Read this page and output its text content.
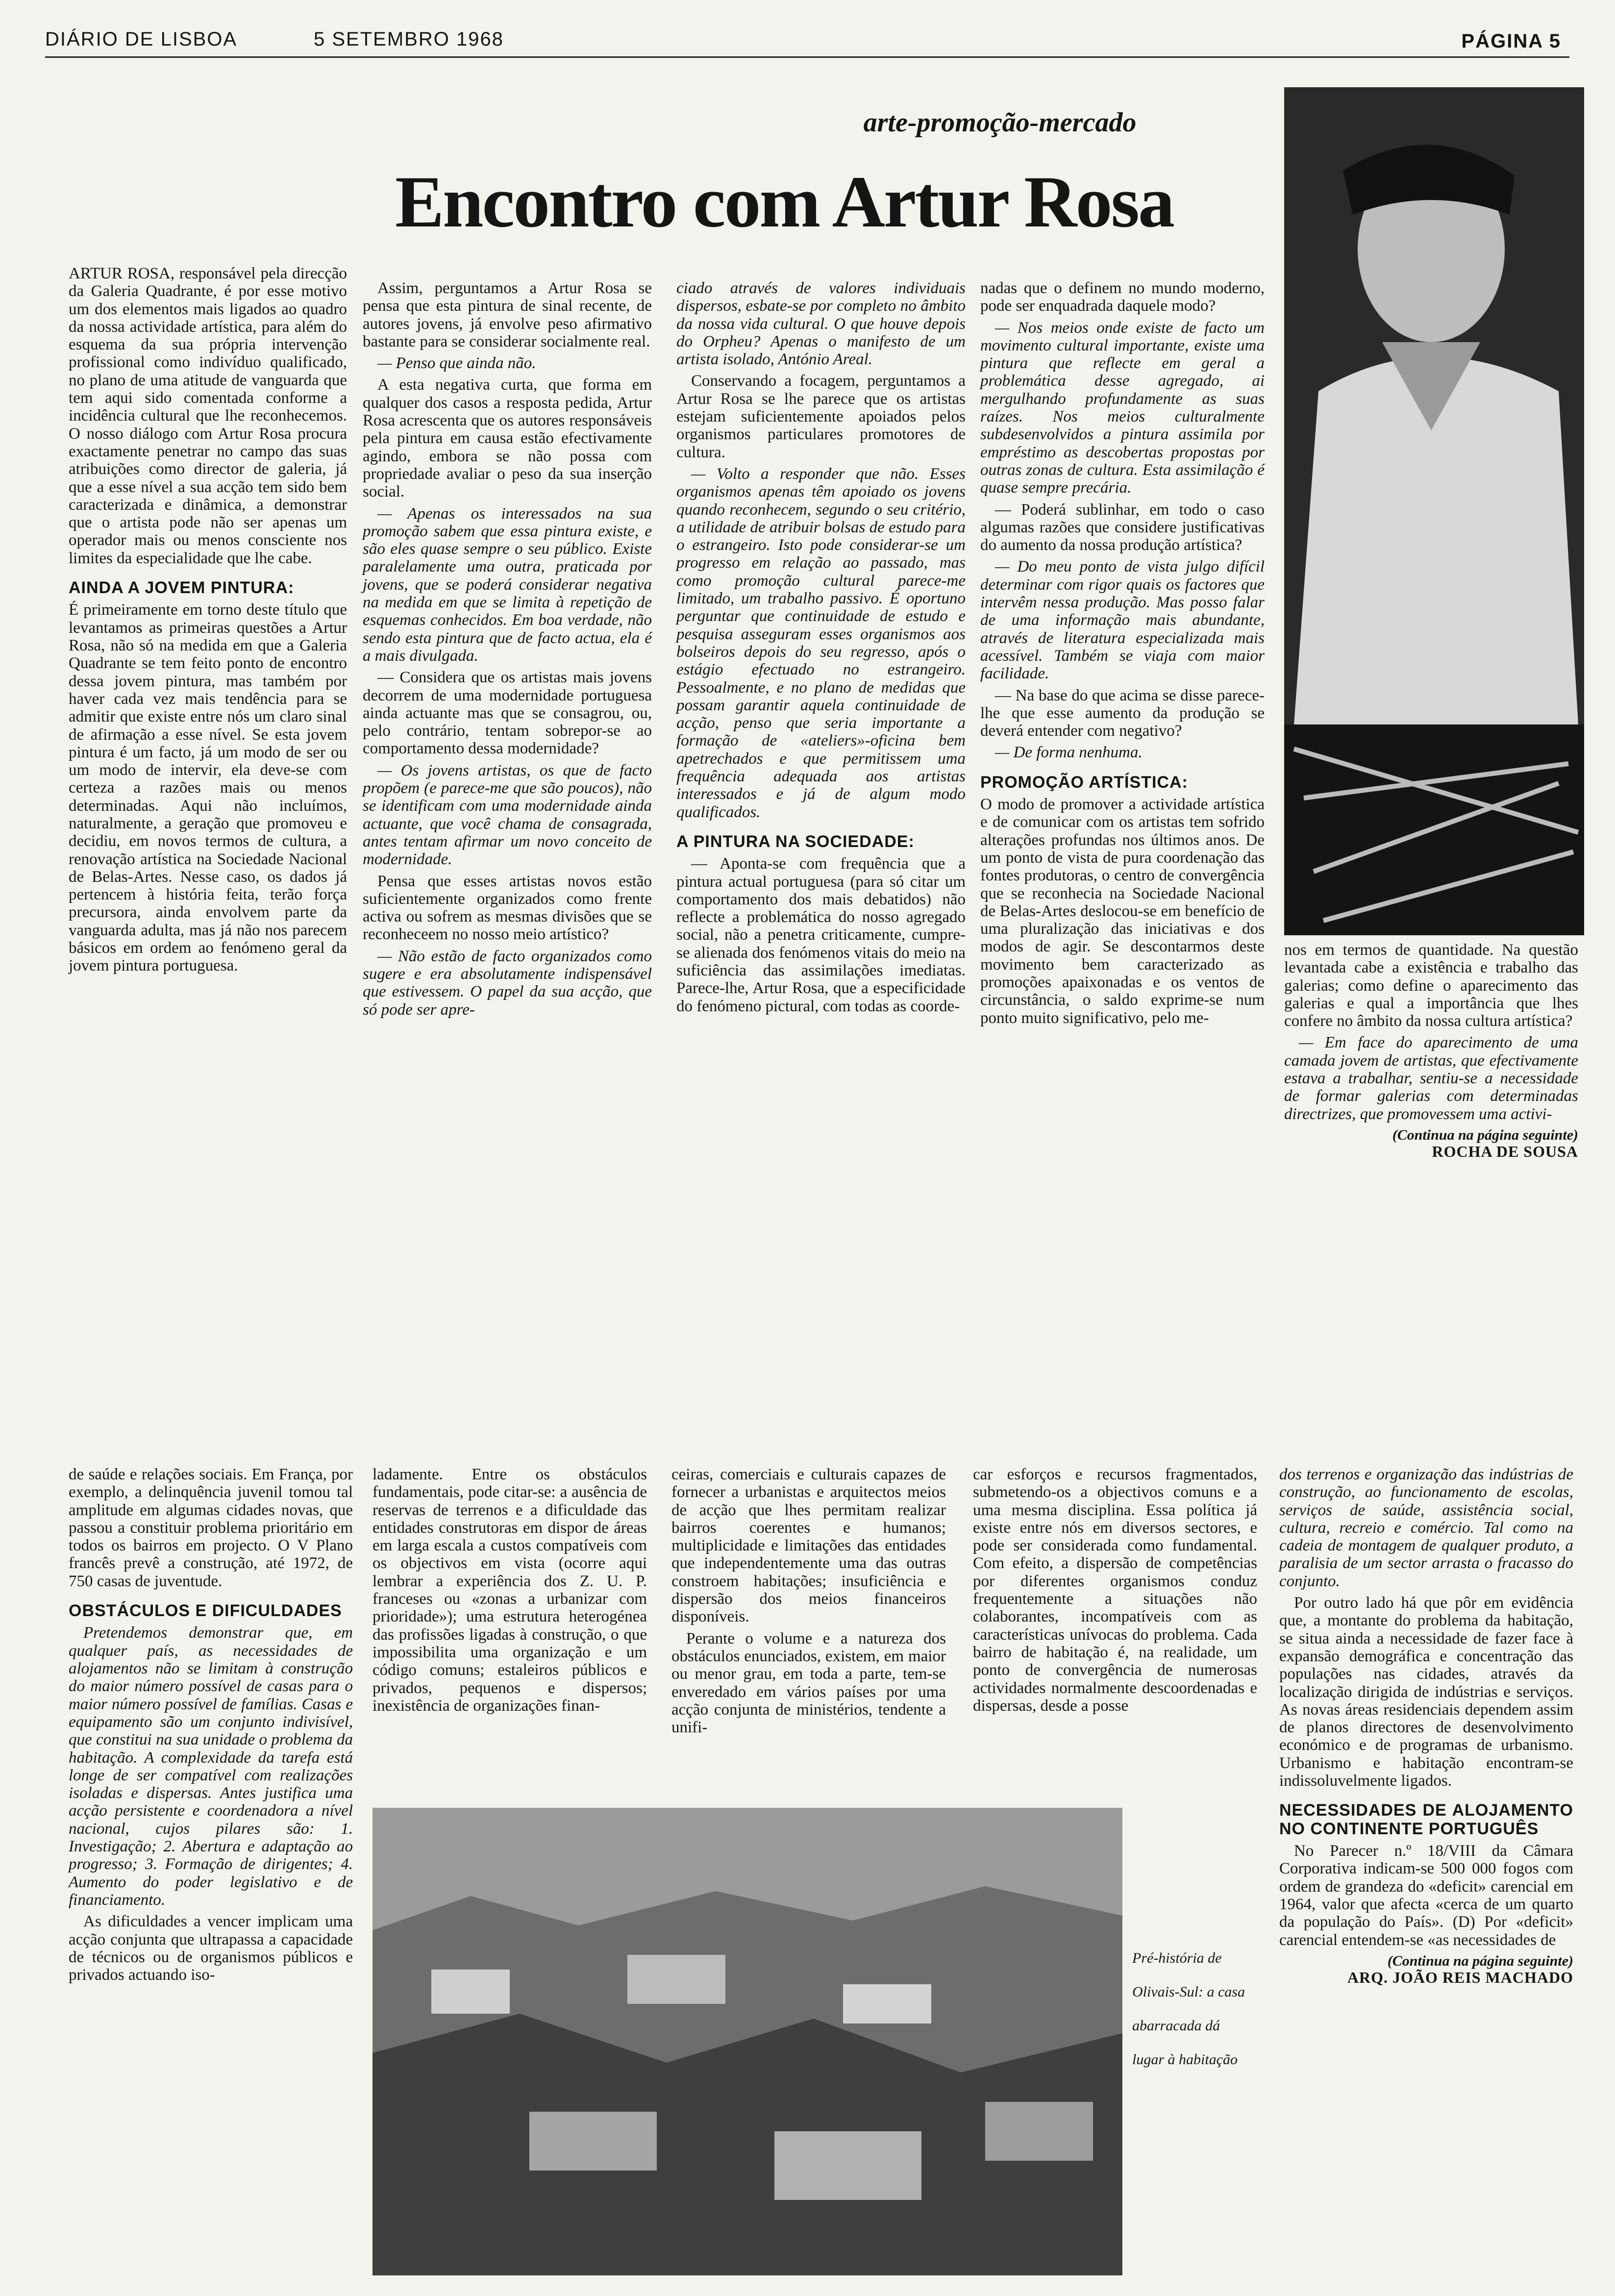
DIÁRIO DE LISBOA	5 SETEMBRO 1968	PÁGINA 5
arte-promoção-mercado
Encontro com Artur Rosa

ARTUR ROSA, responsável pela direcção da Galeria Quadrante, é por esse motivo um dos elementos mais ligados ao quadro da nossa actividade artística, para além do esquema da sua própria intervenção profissional como indivíduo qualificado, no plano de uma atitude de vanguarda que tem aqui sido comentada conforme a incidência cultural que lhe reconhecemos. O nosso diálogo com Artur Rosa procura exactamente penetrar no campo das suas atribuições como director de galeria, já que a esse nível a sua acção tem sido bem caracterizada e dinâmica, a demonstrar que o artista pode não ser apenas um operador mais ou menos consciente nos limites da especialidade que lhe cabe.

AINDA A JOVEM PINTURA:

É primeiramente em torno deste título que levantamos as primeiras questões a Artur Rosa, não só na medida em que a Galeria Quadrante se tem feito ponto de encontro dessa jovem pintura, mas também por haver cada vez mais tendência para se admitir que existe entre nós um claro sinal de afirmação a esse nível. Se esta jovem pintura é um facto, já um modo de ser ou um modo de intervir, ela deve-se com certeza a razões mais ou menos determinadas. Aqui não incluímos, naturalmente, a geração que promoveu e decidiu, em novos termos de cultura, a renovação artística na Sociedade Nacional de Belas-Artes. Nesse caso, os dados já pertencem à história feita, terão força precursora, ainda envolvem parte da vanguarda adulta, mas já não nos parecem básicos em ordem ao fenómeno geral da jovem pintura portuguesa.

Assim, perguntamos a Artur Rosa se pensa que esta pintura de sinal recente, de autores jovens, já envolve peso afirmativo bastante para se considerar socialmente real.

— Penso que ainda não.

A esta negativa curta, que forma em qualquer dos casos a resposta pedida, Artur Rosa acrescenta que os autores responsáveis pela pintura em causa estão efectivamente agindo, embora se não possa com propriedade avaliar o peso da sua inserção social.

— Apenas os interessados na sua promoção sabem que essa pintura existe, e são eles quase sempre o seu público. Existe paralelamente uma outra, praticada por jovens, que se poderá considerar negativa na medida em que se limita à repetição de esquemas conhecidos. Em boa verdade, não sendo esta pintura que de facto actua, ela é a mais divulgada.

— Considera que os artistas mais jovens decorrem de uma modernidade portuguesa ainda actuante mas que se consagrou, ou, pelo contrário, tentam sobrepor-se ao comportamento dessa modernidade?

— Os jovens artistas, os que de facto propõem (e parece-me que são poucos), não se identificam com uma modernidade ainda actuante, que você chama de consagrada, antes tentam afirmar um novo conceito de modernidade.

Pensa que esses artistas novos estão suficientemente organizados como frente activa ou sofrem as mesmas divisões que se reconheceem no nosso meio artístico?

— Não estão de facto organizados como sugere e era absolutamente indispensável que estivessem. O papel da sua acção, que só pode ser apre-

ciado através de valores individuais dispersos, esbate-se por completo no âmbito da nossa vida cultural. O que houve depois do Orpheu? Apenas o manifesto de um artista isolado, António Areal.

Conservando a focagem, perguntamos a Artur Rosa se lhe parece que os artistas estejam suficientemente apoiados pelos organismos particulares promotores de cultura.

— Volto a responder que não. Esses organismos apenas têm apoiado os jovens quando reconhecem, segundo o seu critério, a utilidade de atribuir bolsas de estudo para o estrangeiro. Isto pode considerar-se um progresso em relação ao passado, mas como promoção cultural parece-me limitado, um trabalho passivo. É oportuno perguntar que continuidade de estudo e pesquisa asseguram esses organismos aos bolseiros depois do seu regresso, após o estágio efectuado no estrangeiro. Pessoalmente, e no plano de medidas que possam garantir aquela continuidade de acção, penso que seria importante a formação de «ateliers»-oficina bem apetrechados e que permitissem uma frequência adequada aos artistas interessados e já de algum modo qualificados.

A PINTURA NA SOCIEDADE:

— Aponta-se com frequência que a pintura actual portuguesa (para só citar um comportamento dos mais debatidos) não reflecte a problemática do nosso agregado social, não a penetra criticamente, cumpre-se alienada dos fenómenos vitais do meio na suficiência das assimilações imediatas. Parece-lhe, Artur Rosa, que a especificidade do fenómeno pictural, com todas as coorde-

nadas que o definem no mundo moderno, pode ser enquadrada daquele modo?

— Nos meios onde existe de facto um movimento cultural importante, existe uma pintura que reflecte em geral a problemática desse agregado, ai mergulhando profundamente as suas raízes. Nos meios culturalmente subdesenvolvidos a pintura assimila por empréstimo as descobertas propostas por outras zonas de cultura. Esta assimilação é quase sempre precária.

— Poderá sublinhar, em todo o caso algumas razões que considere justificativas do aumento da nossa produção artística?

— Do meu ponto de vista julgo difícil determinar com rigor quais os factores que intervêm nessa produção. Mas posso falar de uma informação mais abundante, através de literatura especializada mais acessível. Também se viaja com maior facilidade.

— Na base do que acima se disse parece-lhe que esse aumento da produção se deverá entender com negativo?

— De forma nenhuma.

PROMOÇÃO ARTÍSTICA:

O modo de promover a actividade artística e de comunicar com os artistas tem sofrido alterações profundas nos últimos anos. De um ponto de vista de pura coordenação das fontes produtoras, o centro de convergência que se reconhecia na Sociedade Nacional de Belas-Artes deslocou-se em benefício de uma pluralização das iniciativas e dos modos de agir. Se descontarmos deste movimento bem caracterizado as promoções apaixonadas e os ventos de circunstância, o saldo exprime-se num ponto muito significativo, pelo me-

nos em termos de quantidade. Na questão levantada cabe a existência e trabalho das galerias; como define o aparecimento das galerias e qual a importância que lhes confere no âmbito da nossa cultura artística?

— Em face do aparecimento de uma camada jovem de artistas, que efectivamente estava a trabalhar, sentiu-se a necessidade de formar galerias com determinadas directrizes, que promovessem uma activi-

(Continua na página seguinte)
ROCHA DE SOUSA

de saúde e relações sociais. Em França, por exemplo, a delinquência juvenil tomou tal amplitude em algumas cidades novas, que passou a constituir problema prioritário em todos os bairros em projecto. O V Plano francês prevê a construção, até 1972, de 750 casas de juventude.

OBSTÁCULOS E DIFICULDADES

Pretendemos demonstrar que, em qualquer país, as necessidades de alojamentos não se limitam à construção do maior número possível de casas para o maior número possível de famílias. Casas e equipamento são um conjunto indivisível, que constitui na sua unidade o problema da habitação. A complexidade da tarefa está longe de ser compatível com realizações isoladas e dispersas. Antes justifica uma acção persistente e coordenadora a nível nacional, cujos pilares são: 1. Investigação; 2. Abertura e adaptação ao progresso; 3. Formação de dirigentes; 4. Aumento do poder legislativo e de financiamento.

As dificuldades a vencer implicam uma acção conjunta que ultrapassa a capacidade de técnicos ou de organismos públicos e privados actuando iso-

ladamente. Entre os obstáculos fundamentais, pode citar-se: a ausência de reservas de terrenos e a dificuldade das entidades construtoras em dispor de áreas em larga escala a custos compatíveis com os objectivos em vista (ocorre aqui lembrar a experiência dos Z. U. P. franceses ou «zonas a urbanizar com prioridade»); uma estrutura heterogénea das profissões ligadas à construção, o que impossibilita uma organização e um código comuns; estaleiros públicos e privados, pequenos e dispersos; inexistência de organizações finan-

ceiras, comerciais e culturais capazes de fornecer a urbanistas e arquitectos meios de acção que lhes permitam realizar bairros coerentes e humanos; multiplicidade e limitações das entidades que independentemente uma das outras constroem habitações; insuficiência e dispersão dos meios financeiros disponíveis.

Perante o volume e a natureza dos obstáculos enunciados, existem, em maior ou menor grau, em toda a parte, tem-se enveredado em vários países por uma acção conjunta de ministérios, tendente a unifi-

car esforços e recursos fragmentados, submetendo-os a objectivos comuns e a uma mesma disciplina. Essa política já existe entre nós em diversos sectores, e pode ser considerada como fundamental. Com efeito, a dispersão de competências por diferentes organismos conduz frequentemente a situações não colaborantes, incompatíveis com as características unívocas do problema. Cada bairro de habitação é, na realidade, um ponto de convergência de numerosas actividades normalmente descoordenadas e dispersas, desde a posse

Pré-história de Olivais-Sul: a casa abarracada dá lugar à habitação

dos terrenos e organização das indústrias de construção, ao funcionamento de escolas, serviços de saúde, assistência social, cultura, recreio e comércio. Tal como na cadeia de montagem de qualquer produto, a paralisia de um sector arrasta o fracasso do conjunto.

Por outro lado há que pôr em evidência que, a montante do problema da habitação, se situa ainda a necessidade de fazer face à expansão demográfica e concentração das populações nas cidades, através da localização dirigida de indústrias e serviços. As novas áreas residenciais dependem assim de planos directores de desenvolvimento económico e de programas de urbanismo. Urbanismo e habitação encontram-se indissoluvelmente ligados.

NECESSIDADES DE ALOJAMENTO NO CONTINENTE PORTUGUÊS

No Parecer n.º 18/VIII da Câmara Corporativa indicam-se 500 000 fogos com ordem de grandeza do «deficit» carencial em 1964, valor que afecta «cerca de um quarto da população do País». (D) Por «deficit» carencial entendem-se «as necessidades de

(Continua na página seguinte)
ARQ. JOÃO REIS MACHADO
